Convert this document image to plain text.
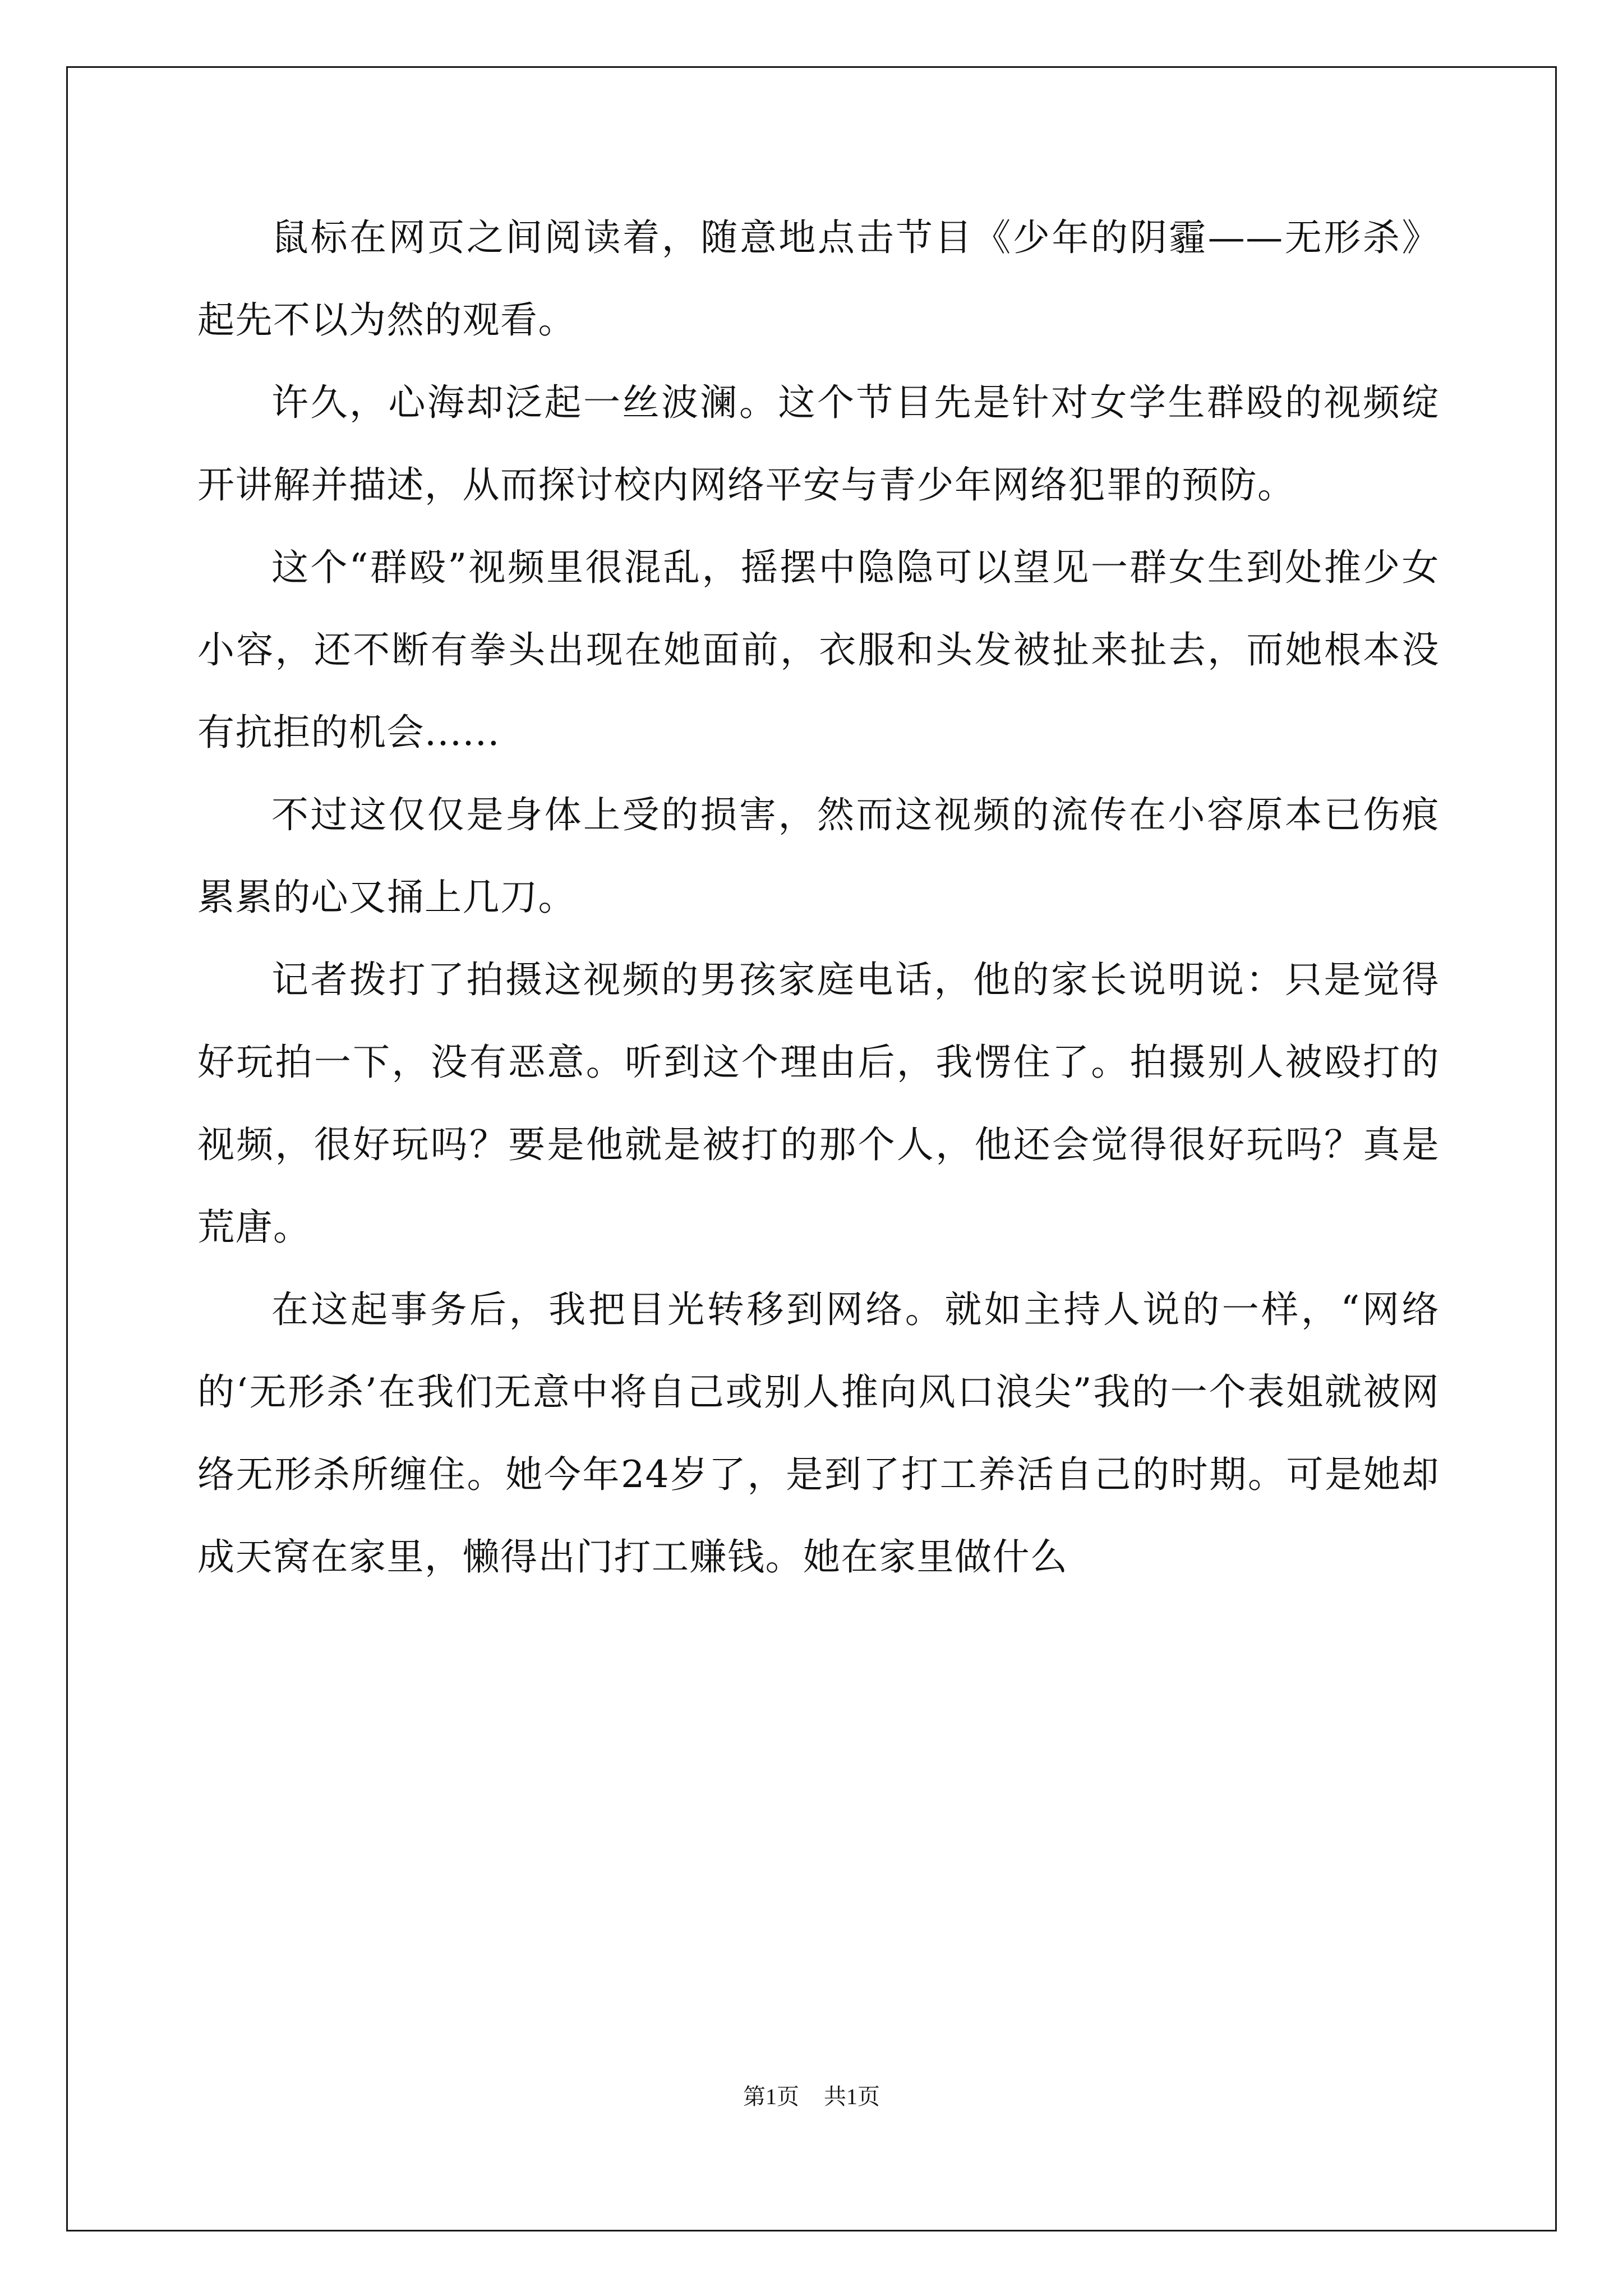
鼠标在网页之间阅读着，随意地点击节目《少年的阴霾——无形杀》起先不以为然的观看。

许久，心海却泛起一丝波澜。这个节目先是针对女学生群殴的视频绽开讲解并描述，从而探讨校内网络平安与青少年网络犯罪的预防。

这个“群殴”视频里很混乱，摇摆中隐隐可以望见一群女生到处推少女小容，还不断有拳头出现在她面前，衣服和头发被扯来扯去，而她根本没有抗拒的机会......

不过这仅仅是身体上受的损害，然而这视频的流传在小容原本已伤痕累累的心又捅上几刀。

记者拨打了拍摄这视频的男孩家庭电话，他的家长说明说：只是觉得好玩拍一下，没有恶意。听到这个理由后，我愣住了。拍摄别人被殴打的视频，很好玩吗？要是他就是被打的那个人，他还会觉得很好玩吗？真是荒唐。

在这起事务后，我把目光转移到网络。就如主持人说的一样，“网络的‘无形杀’在我们无意中将自己或别人推向风口浪尖”我的一个表姐就被网络无形杀所缠住。她今年24岁了，是到了打工养活自己的时期。可是她却成天窝在家里，懒得出门打工赚钱。她在家里做什么

第1页 共1页
